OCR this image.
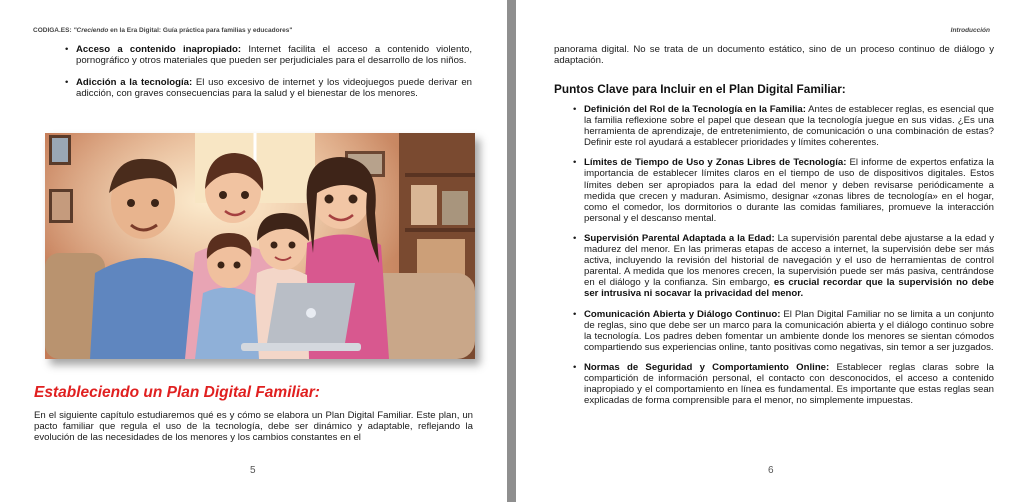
CODIGA.ES: "Creciendo en la Era Digital: Guía práctica para familias y educadores"
• Acceso a contenido inapropiado: Internet facilita el acceso a contenido violento, pornográfico y otros materiales que pueden ser perjudiciales para el desarrollo de los niños.
• Adicción a la tecnología: El uso excesivo de internet y los videojuegos puede derivar en adicción, con graves consecuencias para la salud y el bienestar de los menores.
Estableciendo un Plan Digital Familiar:

En el siguiente capítulo estudiaremos qué es y cómo se elabora un Plan Digital Familiar. Este plan, un pacto familiar que regula el uso de la tecnología, debe ser dinámico y adaptable, reflejando la evolución de las necesidades de los menores y los cambios constantes en el

5
Introducción

panorama digital. No se trata de un documento estático, sino de un proceso continuo de diálogo y adaptación.

Puntos Clave para Incluir en el Plan Digital Familiar:
• Definición del Rol de la Tecnología en la Familia: Antes de establecer reglas, es esencial que la familia reflexione sobre el papel que desean que la tecnología juegue en sus vidas. ¿Es una herramienta de aprendizaje, de entretenimiento, de comunicación o una combinación de estas? Definir este rol ayudará a establecer prioridades y límites coherentes.
• Límites de Tiempo de Uso y Zonas Libres de Tecnología: El informe de expertos enfatiza la importancia de establecer límites claros en el tiempo de uso de dispositivos digitales. Estos límites deben ser apropiados para la edad del menor y deben revisarse periódicamente a medida que crecen y maduran. Asimismo, designar «zonas libres de tecnología» en el hogar, como el comedor, los dormitorios o durante las comidas familiares, promueve la interacción personal y el descanso mental.
• Supervisión Parental Adaptada a la Edad: La supervisión parental debe ajustarse a la edad y madurez del menor. En las primeras etapas de acceso a internet, la supervisión debe ser más activa, incluyendo la revisión del historial de navegación y el uso de herramientas de control parental. A medida que los menores crecen, la supervisión puede ser más pasiva, centrándose en el diálogo y la confianza. Sin embargo, es crucial recordar que la supervisión no debe ser intrusiva ni socavar la privacidad del menor.
• Comunicación Abierta y Diálogo Continuo: El Plan Digital Familiar no se limita a un conjunto de reglas, sino que debe ser un marco para la comunicación abierta y el diálogo continuo sobre la tecnología. Los padres deben fomentar un ambiente donde los menores se sientan cómodos compartiendo sus experiencias online, tanto positivas como negativas, sin temor a ser juzgados.
• Normas de Seguridad y Comportamiento Online: Establecer reglas claras sobre la compartición de información personal, el contacto con desconocidos, el acceso a contenido inapropiado y el comportamiento en línea es fundamental. Es importante que estas reglas sean explicadas de forma comprensible para el menor, no simplemente impuestas.
6
